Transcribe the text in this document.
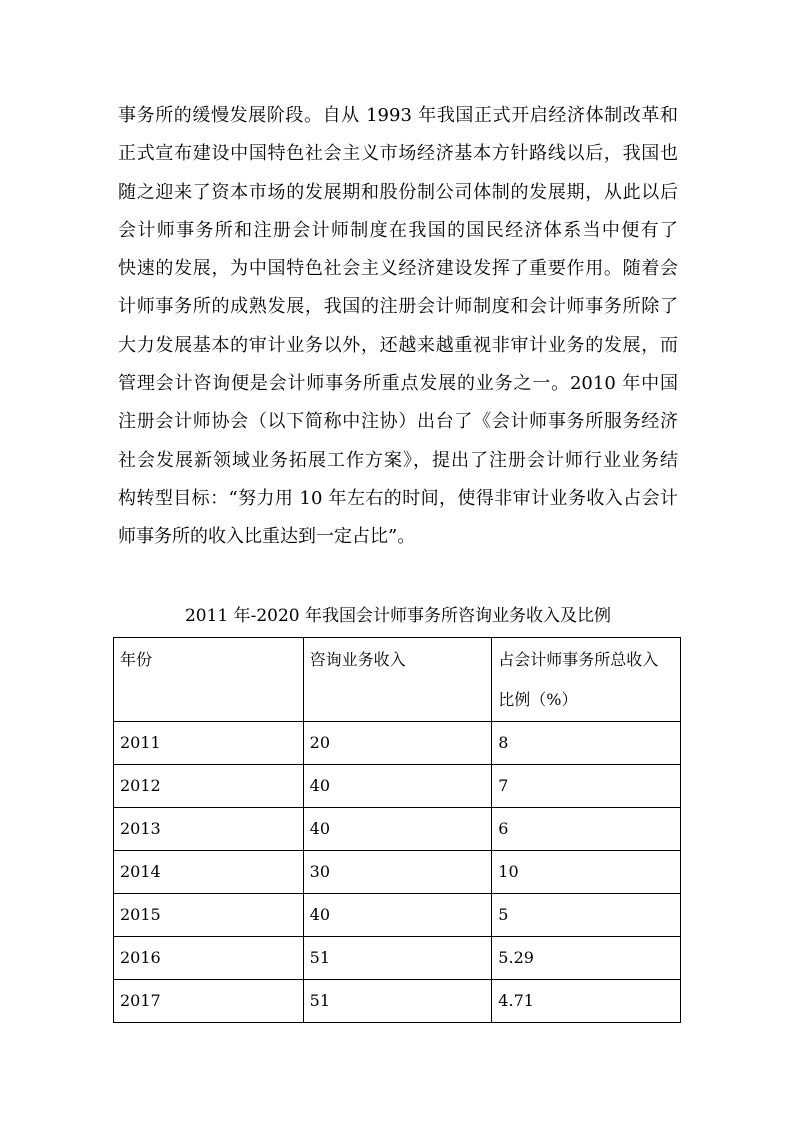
事务所的缓慢发展阶段。自从 1993 年我国正式开启经济体制改革和
正式宣布建设中国特色社会主义市场经济基本方针路线以后，我国也
随之迎来了资本市场的发展期和股份制公司体制的发展期，从此以后
会计师事务所和注册会计师制度在我国的国民经济体系当中便有了
快速的发展，为中国特色社会主义经济建设发挥了重要作用。随着会
计师事务所的成熟发展，我国的注册会计师制度和会计师事务所除了
大力发展基本的审计业务以外，还越来越重视非审计业务的发展，而
管理会计咨询便是会计师事务所重点发展的业务之一。2010 年中国
注册会计师协会（以下简称中注协）出台了《会计师事务所服务经济
社会发展新领域业务拓展工作方案》，提出了注册会计师行业业务结
构转型目标：“努力用 10 年左右的时间，使得非审计业务收入占会计
师事务所的收入比重达到一定占比”。

2011 年-2020 年我国会计师事务所咨询业务收入及比例

年份	咨询业务收入	占会计师事务所总收入比例（%）
2011	20	8
2012	40	7
2013	40	6
2014	30	10
2015	40	5
2016	51	5.29
2017	51	4.71
